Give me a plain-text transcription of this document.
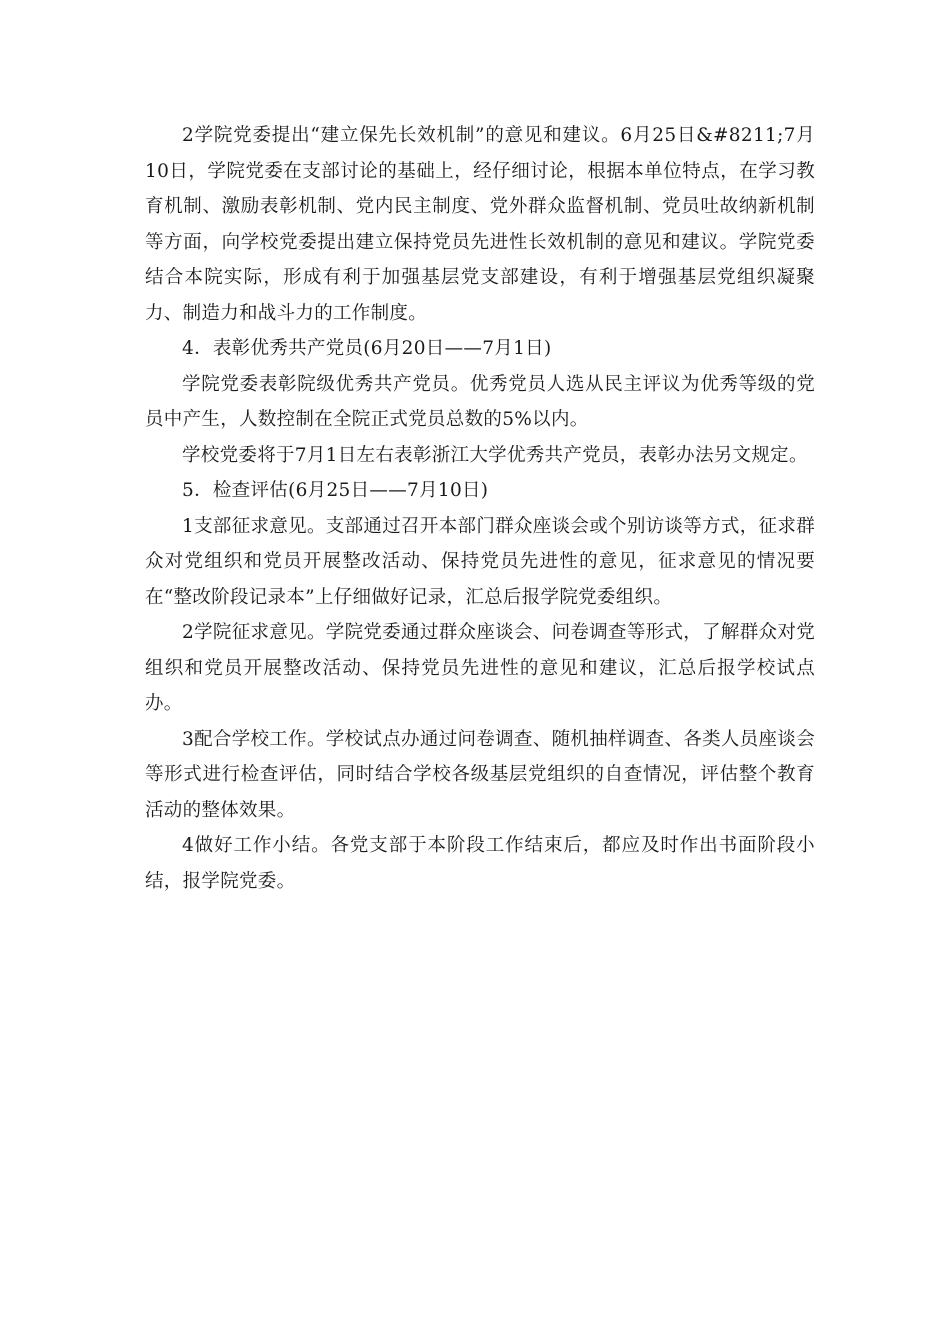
2学院党委提出“建立保先长效机制”的意见和建议。6月25日&#8211;7月10日，学院党委在支部讨论的基础上，经仔细讨论，根据本单位特点，在学习教育机制、激励表彰机制、党内民主制度、党外群众监督机制、党员吐故纳新机制等方面，向学校党委提出建立保持党员先进性长效机制的意见和建议。学院党委结合本院实际，形成有利于加强基层党支部建设，有利于增强基层党组织凝聚力、制造力和战斗力的工作制度。

4．表彰优秀共产党员(6月20日——7月1日)

学院党委表彰院级优秀共产党员。优秀党员人选从民主评议为优秀等级的党员中产生，人数控制在全院正式党员总数的5%以内。

学校党委将于7月1日左右表彰浙江大学优秀共产党员，表彰办法另文规定。

5．检查评估(6月25日——7月10日)

1支部征求意见。支部通过召开本部门群众座谈会或个别访谈等方式，征求群众对党组织和党员开展整改活动、保持党员先进性的意见，征求意见的情况要在“整改阶段记录本”上仔细做好记录，汇总后报学院党委组织。

2学院征求意见。学院党委通过群众座谈会、问卷调查等形式，了解群众对党组织和党员开展整改活动、保持党员先进性的意见和建议，汇总后报学校试点办。

3配合学校工作。学校试点办通过问卷调查、随机抽样调查、各类人员座谈会等形式进行检查评估，同时结合学校各级基层党组织的自查情况，评估整个教育活动的整体效果。

4做好工作小结。各党支部于本阶段工作结束后，都应及时作出书面阶段小结，报学院党委。
